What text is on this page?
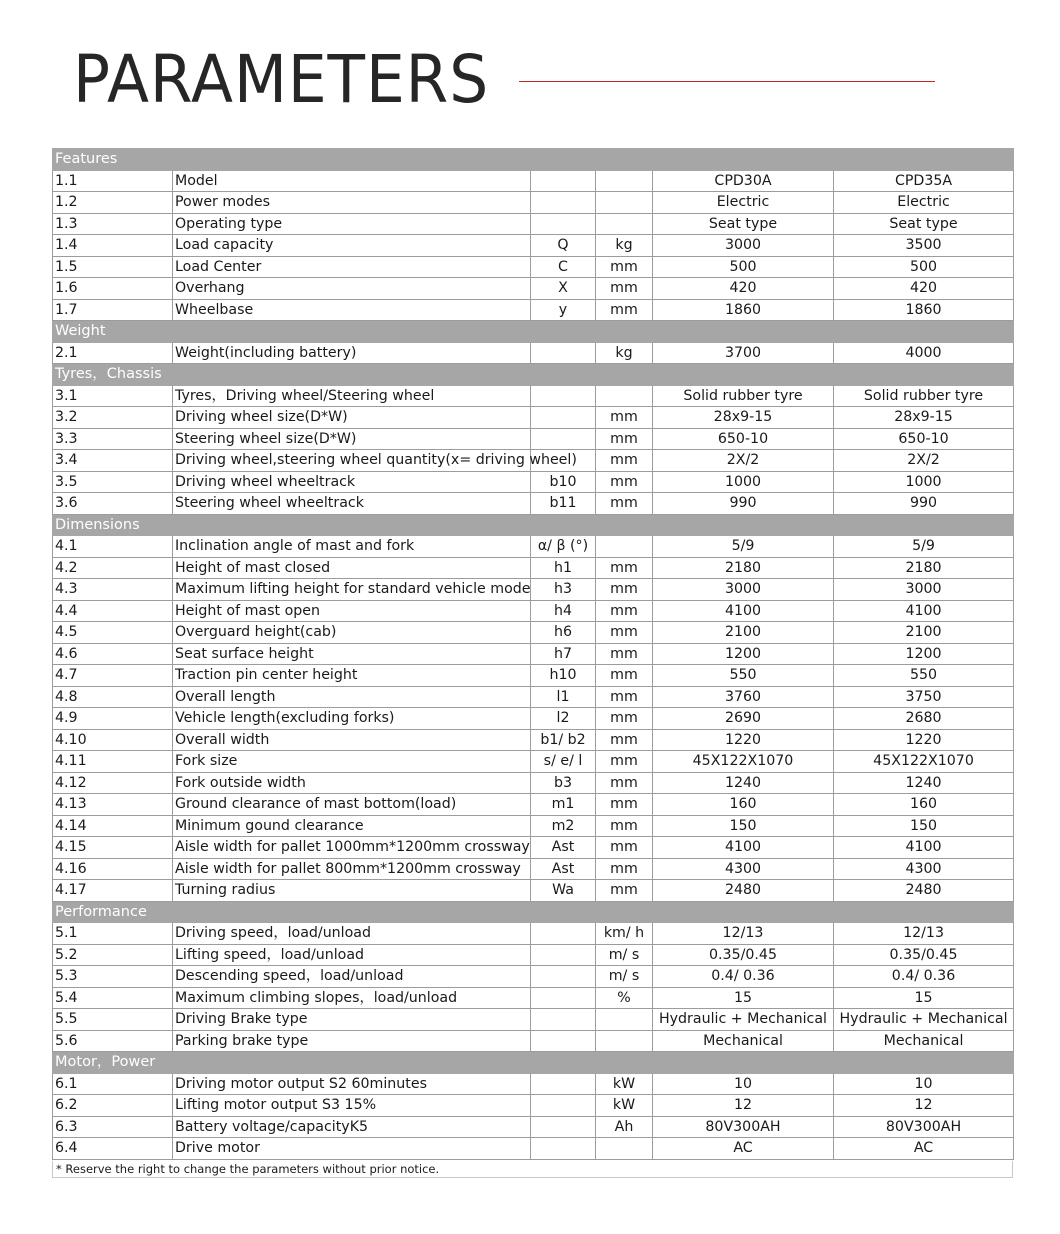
PARAMETERS
Features					
1.1	Model			CPD30A	CPD35A
1.2	Power modes			Electric	Electric
1.3	Operating type			Seat type	Seat type
1.4	Load capacity	Q	kg	3000	3500
1.5	Load Center	C	mm	500	500
1.6	Overhang	X	mm	420	420
1.7	Wheelbase	y	mm	1860	1860
Weight					
2.1	Weight(including battery)		kg	3700	4000
Tyres，Chassis					
3.1	Tyres，Driving wheel/Steering wheel			Solid rubber tyre	Solid rubber tyre
3.2	Driving wheel size(D*W)		mm	28x9-15	28x9-15
3.3	Steering wheel size(D*W)		mm	650-10	650-10
3.4	Driving wheel,steering wheel quantity(x= driving wheel)		mm	2X/2	2X/2
3.5	Driving wheel wheeltrack	b10	mm	1000	1000
3.6	Steering wheel wheeltrack	b11	mm	990	990
Dimensions					
4.1	Inclination angle of mast and fork	α/ β (°)		5/9	5/9
4.2	Height of mast closed	h1	mm	2180	2180
4.3	Maximum lifting height for standard vehicle mode	h3	mm	3000	3000
4.4	Height of mast open	h4	mm	4100	4100
4.5	Overguard height(cab)	h6	mm	2100	2100
4.6	Seat surface height	h7	mm	1200	1200
4.7	Traction pin center height	h10	mm	550	550
4.8	Overall length	l1	mm	3760	3750
4.9	Vehicle length(excluding forks)	l2	mm	2690	2680
4.10	Overall width	b1/ b2	mm	1220	1220
4.11	Fork size	s/ e/ l	mm	45X122X1070	45X122X1070
4.12	Fork outside width	b3	mm	1240	1240
4.13	Ground clearance of mast bottom(load)	m1	mm	160	160
4.14	Minimum gound clearance	m2	mm	150	150
4.15	Aisle width for pallet 1000mm*1200mm crossway	Ast	mm	4100	4100
4.16	Aisle width for pallet 800mm*1200mm crossway	Ast	mm	4300	4300
4.17	Turning radius	Wa	mm	2480	2480
Performance					
5.1	Driving speed，load/unload		km/ h	12/13	12/13
5.2	Lifting speed，load/unload		m/ s	0.35/0.45	0.35/0.45
5.3	Descending speed，load/unload		m/ s	0.4/ 0.36	0.4/ 0.36
5.4	Maximum climbing slopes，load/unload		%	15	15
5.5	Driving Brake type			Hydraulic + Mechanical	Hydraulic + Mechanical
5.6	Parking brake type			Mechanical	Mechanical
Motor，Power					
6.1	Driving motor output S2 60minutes		kW	10	10
6.2	Lifting motor output S3 15%		kW	12	12
6.3	Battery voltage/capacityK5		Ah	80V300AH	80V300AH
6.4	Drive motor			AC	AC
* Reserve the right to change the parameters without prior notice.
